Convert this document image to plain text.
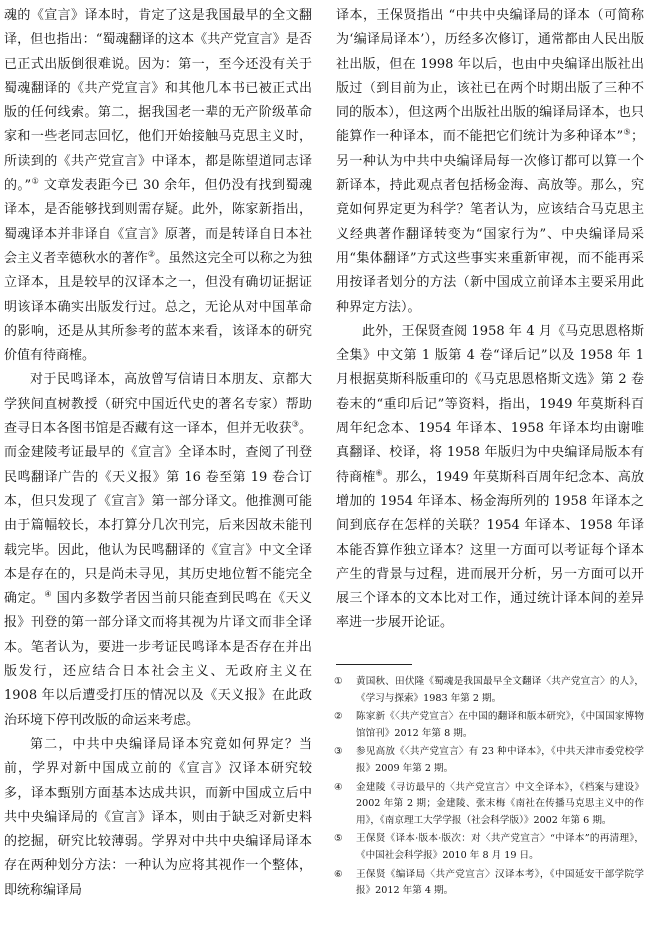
魂的《宣言》译本时，肯定了这是我国最早的全文翻译，但也指出：“蜀魂翻译的这本《共产党宣言》是否已正式出版倒很难说。因为：第一，至今还没有关于蜀魂翻译的《共产党宣言》和其他几本书已被正式出版的任何线索。第二，据我国老一辈的无产阶级革命家和一些老同志回忆，他们开始接触马克思主义时，所读到的《共产党宣言》中译本，都是陈望道同志译的。”① 文章发表距今已 30 余年，但仍没有找到蜀魂译本，是否能够找到则需存疑。此外，陈家新指出，蜀魂译本并非译自《宣言》原著，而是转译自日本社会主义者幸德秋水的著作②。虽然这完全可以称之为独立译本，且是较早的汉译本之一，但没有确切证据证明该译本确实出版发行过。总之，无论从对中国革命的影响，还是从其所参考的蓝本来看，该译本的研究价值有待商榷。

对于民鸣译本，高放曾写信请日本朋友、京都大学狭间直树教授（研究中国近代史的著名专家）帮助查寻日本各图书馆是否藏有这一译本，但并无收获③。而金建陵考证最早的《宣言》全译本时，查阅了刊登民鸣翻译广告的《天义报》第 16 卷至第 19 卷合订本，但只发现了《宣言》第一部分译文。他推测可能由于篇幅较长，本打算分几次刊完，后来因故未能刊载完毕。因此，他认为民鸣翻译的《宣言》中文全译本是存在的，只是尚未寻见，其历史地位暂不能完全确定。④ 国内多数学者因当前只能查到民鸣在《天义报》刊登的第一部分译文而将其视为片译文而非全译本。笔者认为，要进一步考证民鸣译本是否存在并出版发行，还应结合日本社会主义、无政府主义在 1908 年以后遭受打压的情况以及《天义报》在此政治环境下停刊改版的命运来考虑。

第二，中共中央编译局译本究竟如何界定？当前，学界对新中国成立前的《宣言》汉译本研究较多，译本甄别方面基本达成共识，而新中国成立后中共中央编译局的《宣言》译本，则由于缺乏对新史料的挖掘，研究比较薄弱。学界对中共中央编译局译本存在两种划分方法：一种认为应将其视作一个整体，即统称编译局

译本，王保贤指出 “中共中央编译局的译本（可简称为‘编译局译本’），历经多次修订，通常都由人民出版社出版，但在 1998 年以后，也由中央编译出版社出版过（到目前为止，该社已在两个时期出版了三种不同的版本），但这两个出版社出版的编译局译本，也只能算作一种译本，而不能把它们统计为多种译本”⑤；另一种认为中共中央编译局每一次修订都可以算一个新译本，持此观点者包括杨金海、高放等。那么，究竟如何界定更为科学？笔者认为，应该结合马克思主义经典著作翻译转变为“国家行为”、中央编译局采用“集体翻译”方式这些事实来重新审视，而不能再采用按译者划分的方法（新中国成立前译本主要采用此种界定方法）。

此外，王保贤查阅 1958 年 4 月《马克思恩格斯全集》中文第 1 版第 4 卷“译后记”以及 1958 年 1 月根据莫斯科版重印的《马克思恩格斯文选》第 2 卷卷末的“重印后记”等资料，指出，1949 年莫斯科百周年纪念本、1954 年译本、1958 年译本均由谢唯真翻译、校译，将 1958 年版归为中央编译局版本有待商榷⑥。那么，1949 年莫斯科百周年纪念本、高放增加的 1954 年译本、杨金海所列的 1958 年译本之间到底存在怎样的关联？1954 年译本、1958 年译本能否算作独立译本？这里一方面可以考证每个译本产生的背景与过程，进而展开分析，另一方面可以开展三个译本的文本比对工作，通过统计译本间的差异率进一步展开论证。

① 黄国秋、田伏隆《蜀魂是我国最早全文翻译〈共产党宣言〉的人》，《学习与探索》1983 年第 2 期。
② 陈家新《〈共产党宣言〉在中国的翻译和版本研究》，《中国国家博物馆馆刊》2012 年第 8 期。
③ 参见高放《〈共产党宣言〉有 23 种中译本》，《中共天津市委党校学报》2009 年第 2 期。
④ 金建陵《寻访最早的〈共产党宣言〉中文全译本》，《档案与建设》2002 年第 2 期；金建陵、张末梅《南社在传播马克思主义中的作用》，《南京理工大学学报（社会科学版）》2002 年第 6 期。
⑤ 王保贤《译本·版本·版次：对〈共产党宣言〉“中译本”的再清理》，《中国社会科学报》2010 年 8 月 19 日。
⑥ 王保贤《编译局〈共产党宣言〉汉译本考》，《中国延安干部学院学报》2012 年第 4 期。
